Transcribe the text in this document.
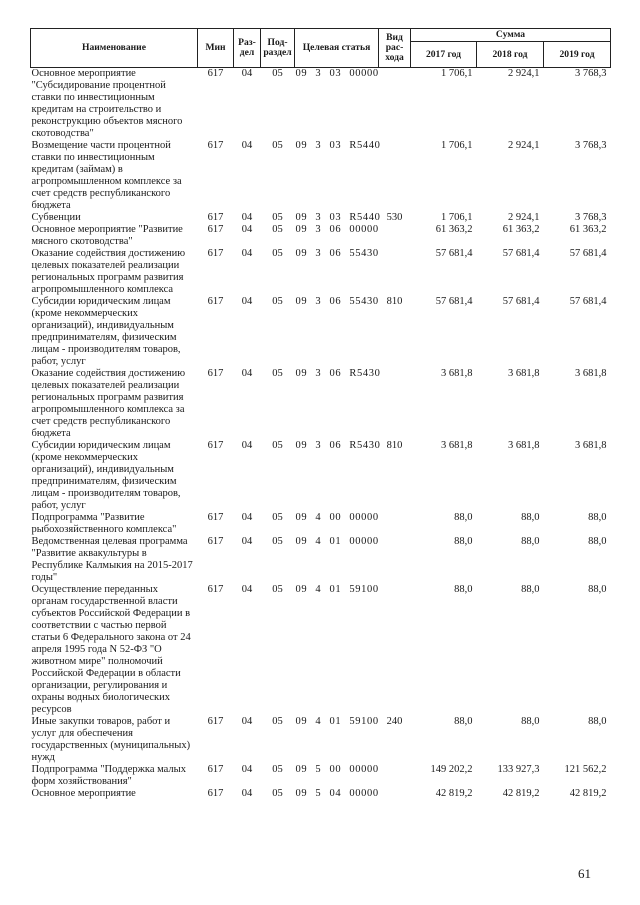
Наименование	Мин	Раз-дел	Под-раздел	Целевая статья	Вид рас-хода	Сумма		
						2017 год	2018 год	2019 год
Основное мероприятие "Субсидирование процентной ставки по инвестиционным кредитам на строительство и реконструкцию объектов мясного скотоводства"	617	04	05	09 3 03 00000		1 706,1	2 924,1	3 768,3
Возмещение части процентной ставки по инвестиционным кредитам (займам) в агропромышленном комплексе за счет средств республиканского бюджета	617	04	05	09 3 03 R5440		1 706,1	2 924,1	3 768,3
Субвенции	617	04	05	09 3 03 R5440	530	1 706,1	2 924,1	3 768,3
Основное мероприятие "Развитие мясного скотоводства"	617	04	05	09 3 06 00000		61 363,2	61 363,2	61 363,2
Оказание содействия достижению целевых показателей реализации региональных программ развития агропромышленного комплекса	617	04	05	09 3 06 55430		57 681,4	57 681,4	57 681,4
Субсидии юридическим лицам (кроме некоммерческих организаций), индивидуальным предпринимателям, физическим лицам - производителям товаров, работ, услуг	617	04	05	09 3 06 55430	810	57 681,4	57 681,4	57 681,4
Оказание содействия достижению целевых показателей реализации региональных программ развития агропромышленного комплекса за счет средств республиканского бюджета	617	04	05	09 3 06 R5430		3 681,8	3 681,8	3 681,8
Субсидии юридическим лицам (кроме некоммерческих организаций), индивидуальным предпринимателям, физическим лицам - производителям товаров, работ, услуг	617	04	05	09 3 06 R5430	810	3 681,8	3 681,8	3 681,8
Подпрограмма "Развитие рыбохозяйственного комплекса"	617	04	05	09 4 00 00000		88,0	88,0	88,0
Ведомственная целевая программа "Развитие аквакультуры в Республике Калмыкия на 2015-2017 годы"	617	04	05	09 4 01 00000		88,0	88,0	88,0
Осуществление переданных органам государственной власти субъектов Российской Федерации в соответствии с частью первой статьи 6 Федерального закона от 24 апреля 1995 года N 52-ФЗ "О животном мире" полномочий Российской Федерации в области организации, регулирования и охраны водных биологических ресурсов	617	04	05	09 4 01 59100		88,0	88,0	88,0
Иные закупки товаров, работ и услуг для обеспечения государственных (муниципальных) нужд	617	04	05	09 4 01 59100	240	88,0	88,0	88,0
Подпрограмма "Поддержка малых форм хозяйствования"	617	04	05	09 5 00 00000		149 202,2	133 927,3	121 562,2
Основное мероприятие	617	04	05	09 5 04 00000		42 819,2	42 819,2	42 819,2
61
